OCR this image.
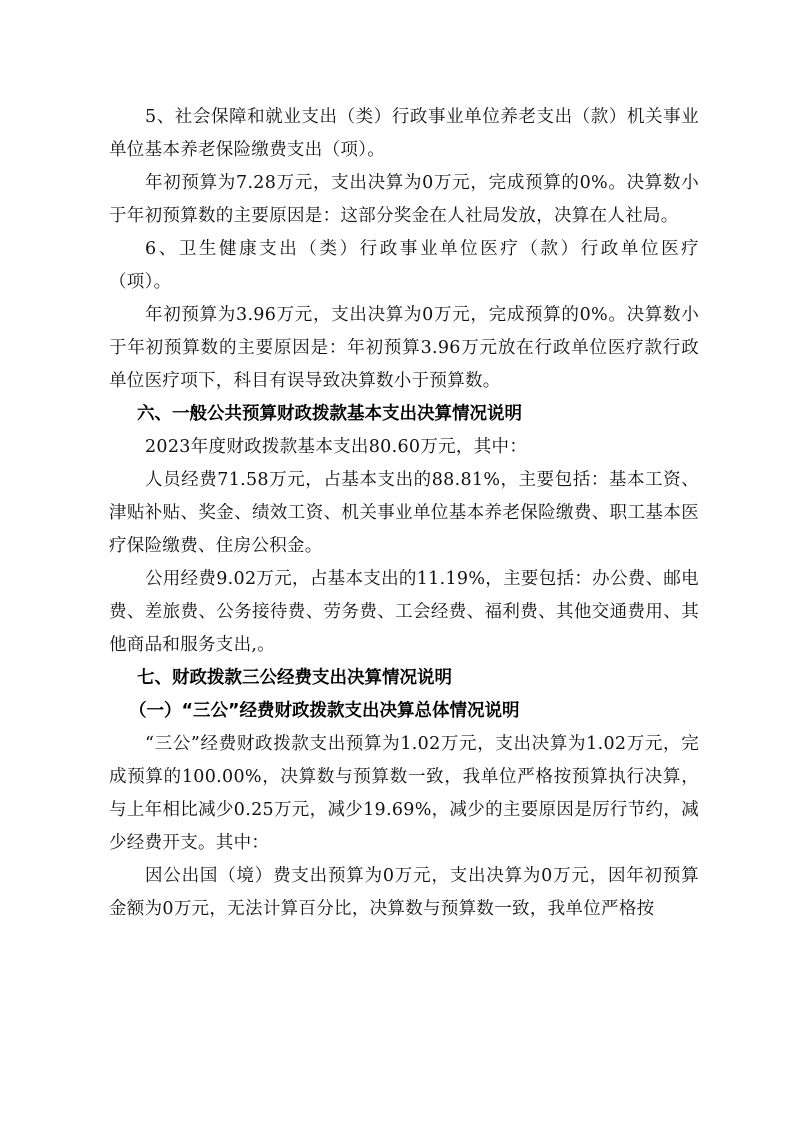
5、社会保障和就业支出（类）行政事业单位养老支出（款）机关事业单位基本养老保险缴费支出（项）。

年初预算为7.28万元，支出决算为0万元，完成预算的0%。决算数小于年初预算数的主要原因是：这部分奖金在人社局发放，决算在人社局。

6、卫生健康支出（类）行政事业单位医疗（款）行政单位医疗（项）。

年初预算为3.96万元，支出决算为0万元，完成预算的0%。决算数小于年初预算数的主要原因是：年初预算3.96万元放在行政单位医疗款行政单位医疗项下，科目有误导致决算数小于预算数。

六、一般公共预算财政拨款基本支出决算情况说明

2023年度财政拨款基本支出80.60万元，其中：

人员经费71.58万元，占基本支出的88.81%，主要包括：基本工资、津贴补贴、奖金、绩效工资、机关事业单位基本养老保险缴费、职工基本医疗保险缴费、住房公积金。

公用经费9.02万元，占基本支出的11.19%，主要包括：办公费、邮电费、差旅费、公务接待费、劳务费、工会经费、福利费、其他交通费用、其他商品和服务支出,。

七、财政拨款三公经费支出决算情况说明

（一）“三公”经费财政拨款支出决算总体情况说明

“三公”经费财政拨款支出预算为1.02万元，支出决算为1.02万元，完成预算的100.00%，决算数与预算数一致，我单位严格按预算执行决算，与上年相比减少0.25万元，减少19.69%，减少的主要原因是厉行节约，减少经费开支。其中：

因公出国（境）费支出预算为0万元，支出决算为0万元，因年初预算金额为0万元，无法计算百分比，决算数与预算数一致，我单位严格按
